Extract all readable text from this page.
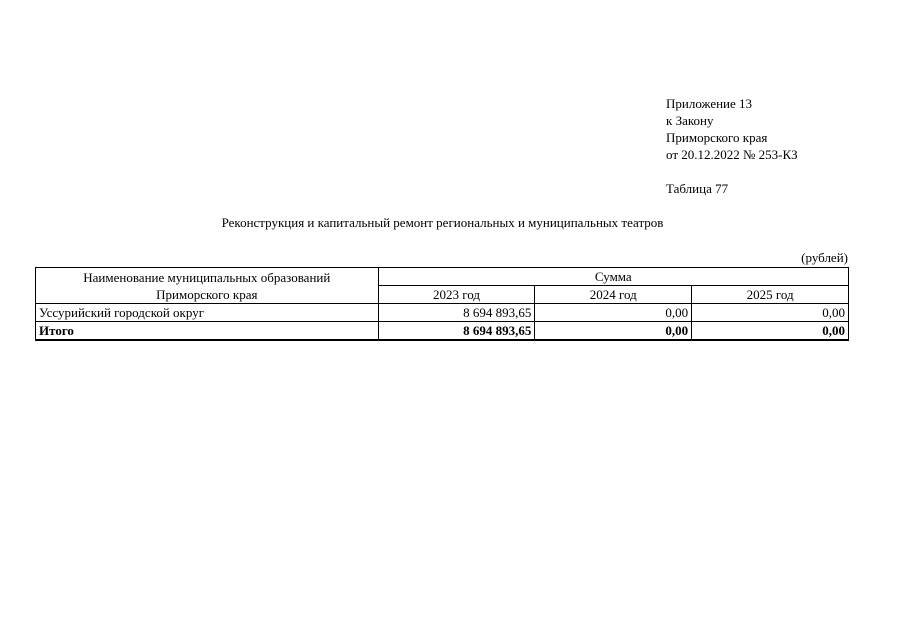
Приложение 13
к Закону
Приморского края
от 20.12.2022 № 253-КЗ
Таблица 77
Реконструкция и капитальный ремонт региональных и муниципальных театров
(рублей)
Наименование муниципальных образований
Приморского края	Сумма		
	2023 год	2024 год	2025 год
Уссурийский городской округ	8 694 893,65	0,00	0,00
Итого	8 694 893,65	0,00	0,00
